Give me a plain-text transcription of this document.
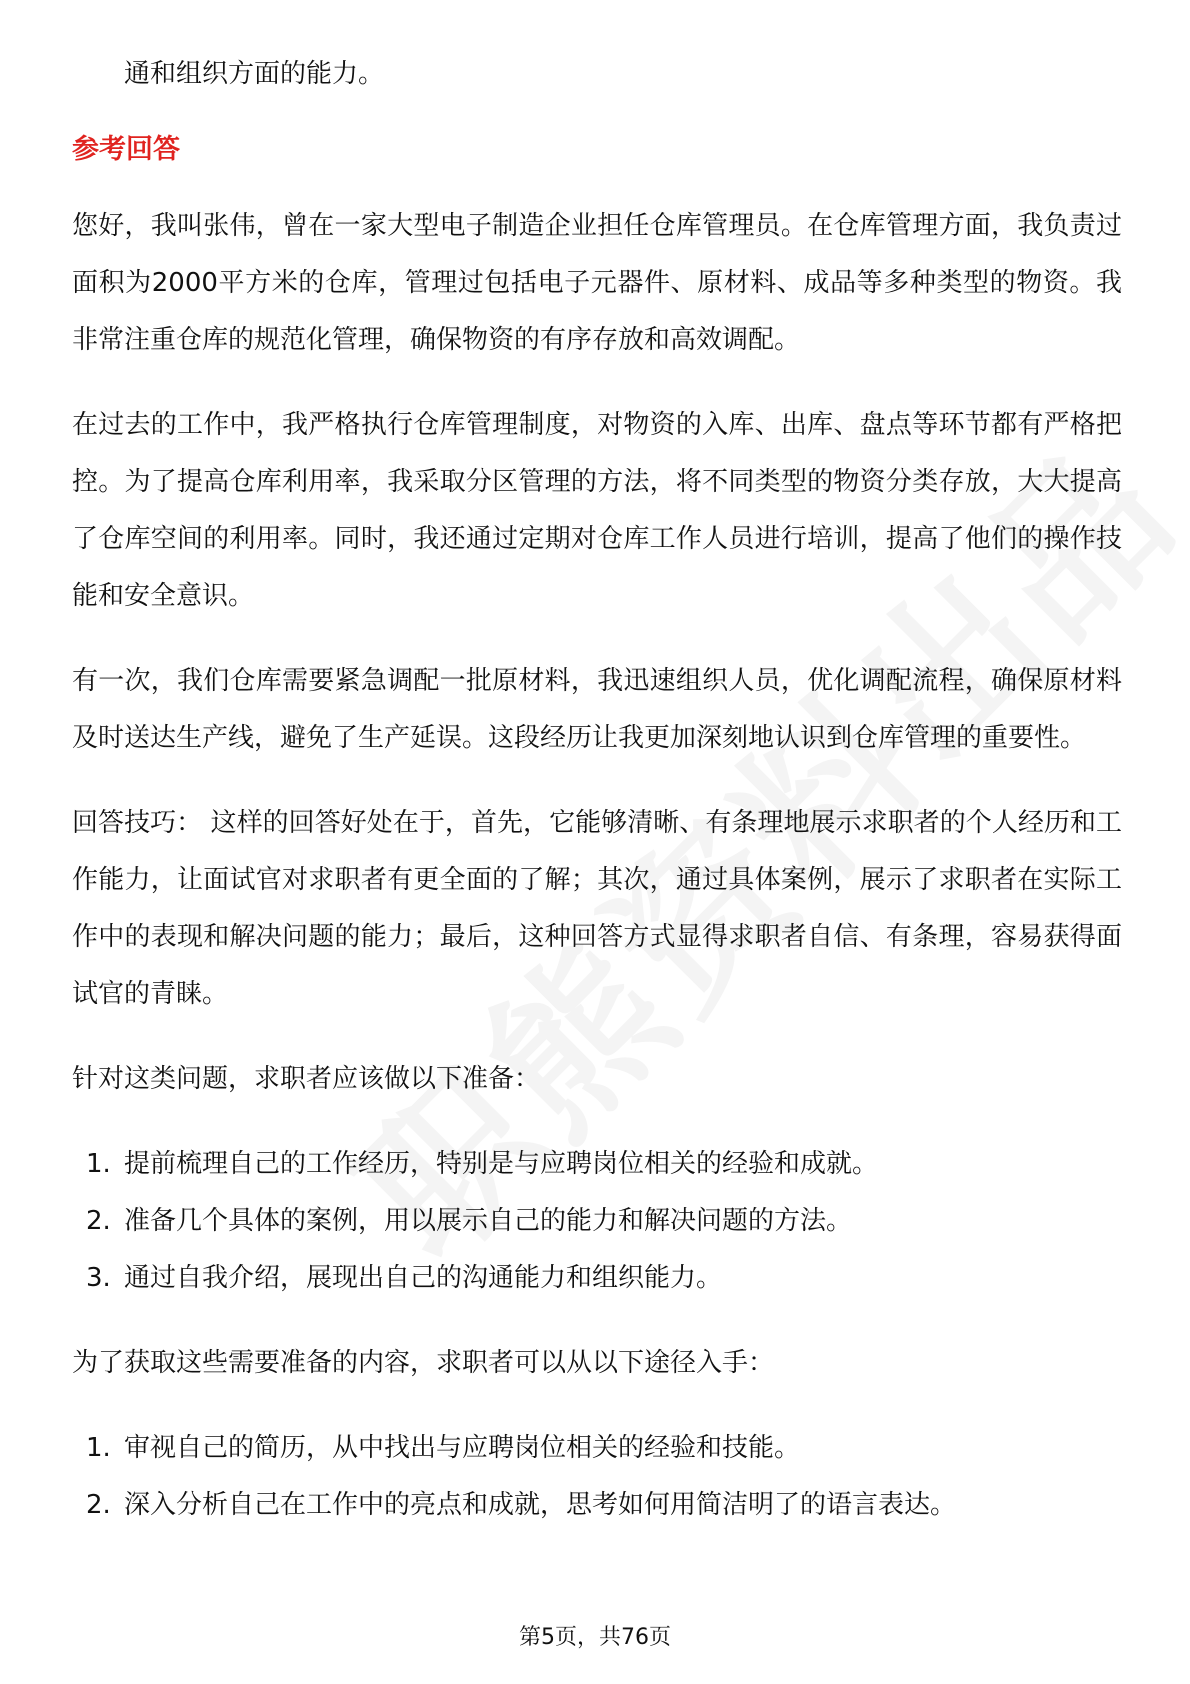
通和组织方面的能力。

参考回答

您好，我叫张伟，曾在一家大型电子制造企业担任仓库管理员。在仓库管理方面，我负责过面积为2000平方米的仓库，管理过包括电子元器件、原材料、成品等多种类型的物资。我非常注重仓库的规范化管理，确保物资的有序存放和高效调配。

在过去的工作中，我严格执行仓库管理制度，对物资的入库、出库、盘点等环节都有严格把控。为了提高仓库利用率，我采取分区管理的方法，将不同类型的物资分类存放，大大提高了仓库空间的利用率。同时，我还通过定期对仓库工作人员进行培训，提高了他们的操作技能和安全意识。

有一次，我们仓库需要紧急调配一批原材料，我迅速组织人员，优化调配流程，确保原材料及时送达生产线，避免了生产延误。这段经历让我更加深刻地认识到仓库管理的重要性。

回答技巧： 这样的回答好处在于，首先，它能够清晰、有条理地展示求职者的个人经历和工作能力，让面试官对求职者有更全面的了解；其次，通过具体案例，展示了求职者在实际工作中的表现和解决问题的能力；最后，这种回答方式显得求职者自信、有条理，容易获得面试官的青睐。

针对这类问题，求职者应该做以下准备：

1. 提前梳理自己的工作经历，特别是与应聘岗位相关的经验和成就。
2. 准备几个具体的案例，用以展示自己的能力和解决问题的方法。
3. 通过自我介绍，展现出自己的沟通能力和组织能力。

为了获取这些需要准备的内容，求职者可以从以下途径入手：

1. 审视自己的简历，从中找出与应聘岗位相关的经验和技能。
2. 深入分析自己在工作中的亮点和成就，思考如何用简洁明了的语言表达。
第5页，共76页
